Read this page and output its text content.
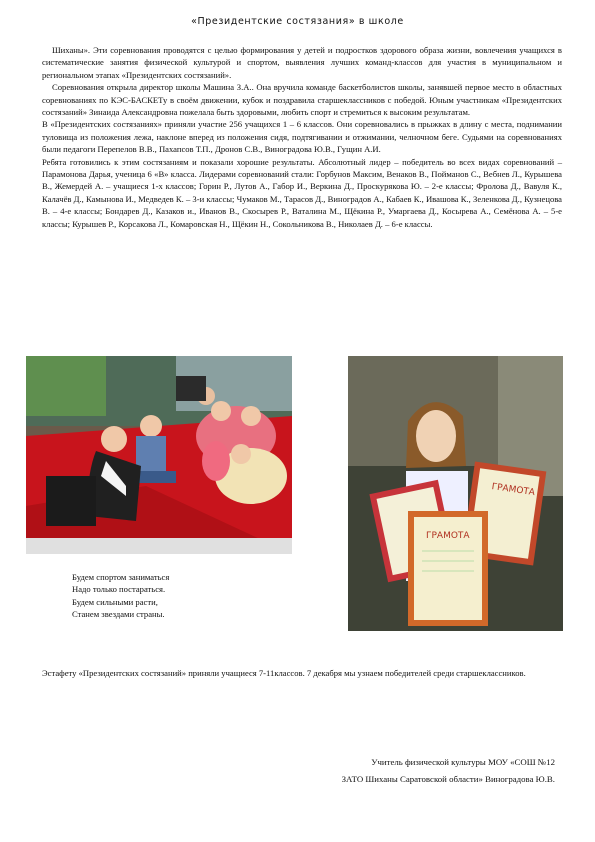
«Президентские состязания» в школе

Шиханы». Эти соревнования проводятся с целью формирования у детей и подростков здорового образа жизни, вовлечения учащихся в систематические занятия физической культурой и спортом, выявления лучших команд-классов для участия в муниципальном и региональном этапах «Президентских состязаний».

Соревнования открыла директор школы Машина З.А.. Она вручила команде баскетболистов школы, занявшей первое место в областных соревнованиях по КЭС-БАСКЕТу в своём движении, кубок и поздравила старшеклассников с победой. Юным участникам «Президентских состязаний» Зинаида Александровна пожелала быть здоровыми, любить спорт и стремиться к высоким результатам.

В «Президентских состязаниях» приняли участие 256 учащихся 1 – 6 классов. Они соревновались в прыжках в длину с места, поднимании туловища из положения лежа, наклоне вперед из положения сидя, подтягивании и отжимании, челночном беге. Судьями на соревнованиях были педагоги Перепелов В.В., Пахапсов Т.П., Дронов С.В., Виноградова Ю.В., Гущин А.И.

Ребята готовились к этим состязаниям и показали хорошие результаты. Абсолютный лидер – победитель во всех видах соревнований – Парамонова Дарья, ученица 6 «В» класса. Лидерами соревнований стали: Горбунов Максим, Венаков В., Пойманов С., Вебнев Л., Курышева В., Жемердей А. – учащиеся 1-х классов; Горин Р., Лутов А., Габор И., Веркина Д., Проскурякова Ю. – 2-е классы; Фролова Д., Вавуля К., Калачёв Д., Камынова И., Медведев К. – 3-и классы; Чумаков М., Тарасов Д., Виноградов А., Кабаев К., Ивашова К., Зеленкова Д., Кузнецова В. – 4-е классы; Бондарев Д., Казаков и., Иванов В., Скосырев Р., Ваталина М., Щёкина Р., Умаргаева Д., Косырева А., Семёнова А. – 5-е классы; Курышев Р., Корсакова Л., Комаровская Н., Щёкин Н., Сокольникова В., Николаев Д. – 6-е классы.

ГРАМОТА
ГРАМОТА
Будем спортом заниматься
Надо только постараться.
Будем сильными расти,
Станем звездами страны.
Эстафету «Президентских состязаний» приняли учащиеся 7-11классов. 7 декабря мы узнаем победителей среди старшеклассников.
Учитель физической культуры МОУ «СОШ №12
ЗАТО Шиханы Саратовской области» Виноградова Ю.В.
